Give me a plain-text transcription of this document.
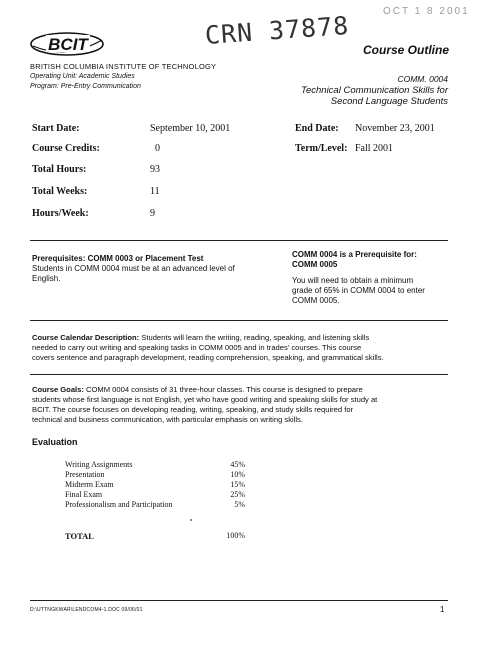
OCT 1 8 2001
CRN 37878
BCIT	Course Outline
BRITISH COLUMBIA INSTITUTE OF TECHNOLOGY
Operating Unit: Academic Studies
Program: Pre-Entry Communication
COMM. 0004
Technical Communication Skills for
Second Language Students
Start Date:	September 10, 2001	End Date: November 23, 2001
Course Credits:	0	Term/Level: Fall 2001
Total Hours:	93
Total Weeks:	11
Hours/Week:	9
Prerequisites: COMM 0003 or Placement Test
Students in COMM 0004 must be at an advanced level of
English.
COMM 0004 is a Prerequisite for:
COMM 0005
You will need to obtain a minimum
grade of 65% in COMM 0004 to enter
COMM 0005.
Course Calendar Description: Students will learn the writing, reading, speaking, and listening skills
needed to carry out writing and speaking tasks in COMM 0005 and in trades' courses. This course
covers sentence and paragraph development, reading comprehension, speaking, and grammatical skills.
Course Goals: COMM 0004 consists of 31 three-hour classes. This course is designed to prepare
students whose first language is not English, yet who have good writing and speaking skills for study at
BCIT. The course focuses on developing reading, writing, speaking, and study skills required for
technical and business communication, with particular emphasis on writing skills.
Evaluation
Writing Assignments	45%
Presentation	10%
Midterm Exam	15%
Final Exam	25%
Professionalism and Participation	5%
TOTAL	100%
D:\UTTNGKWAR\LENDCOM4-1.DOC 09/06/01	1
